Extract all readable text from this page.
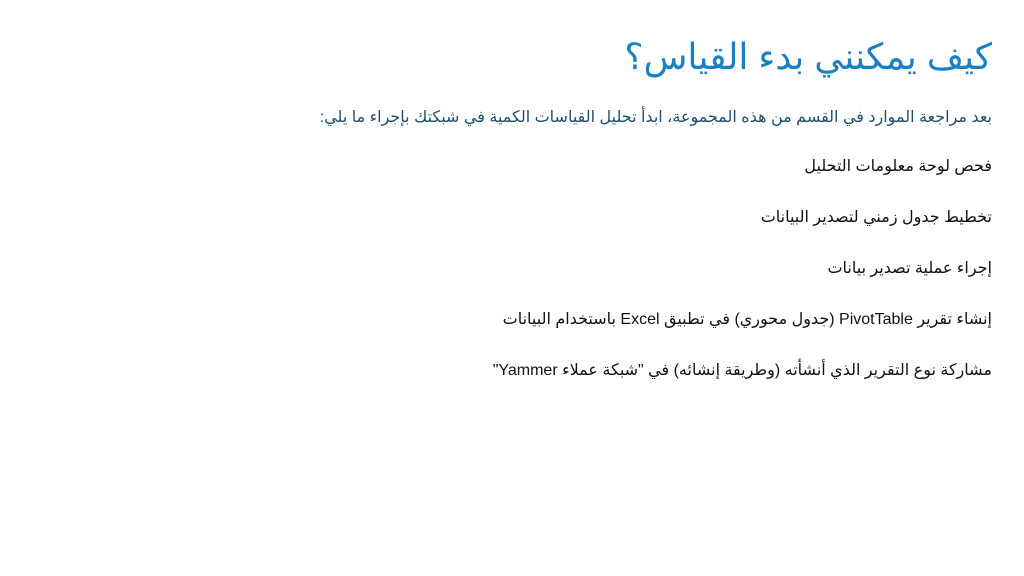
كيف يمكنني بدء القياس؟

بعد مراجعة الموارد في القسم من هذه المجموعة، ابدأ تحليل القياسات الكمية في شبكتك بإجراء ما يلي:

فحص لوحة معلومات التحليل
تخطيط جدول زمني لتصدير البيانات
إجراء عملية تصدير بيانات
إنشاء تقرير PivotTable (جدول محوري) في تطبيق Excel باستخدام البيانات
مشاركة نوع التقرير الذي أنشأته (وطريقة إنشائه) في "شبكة عملاء Yammer"
